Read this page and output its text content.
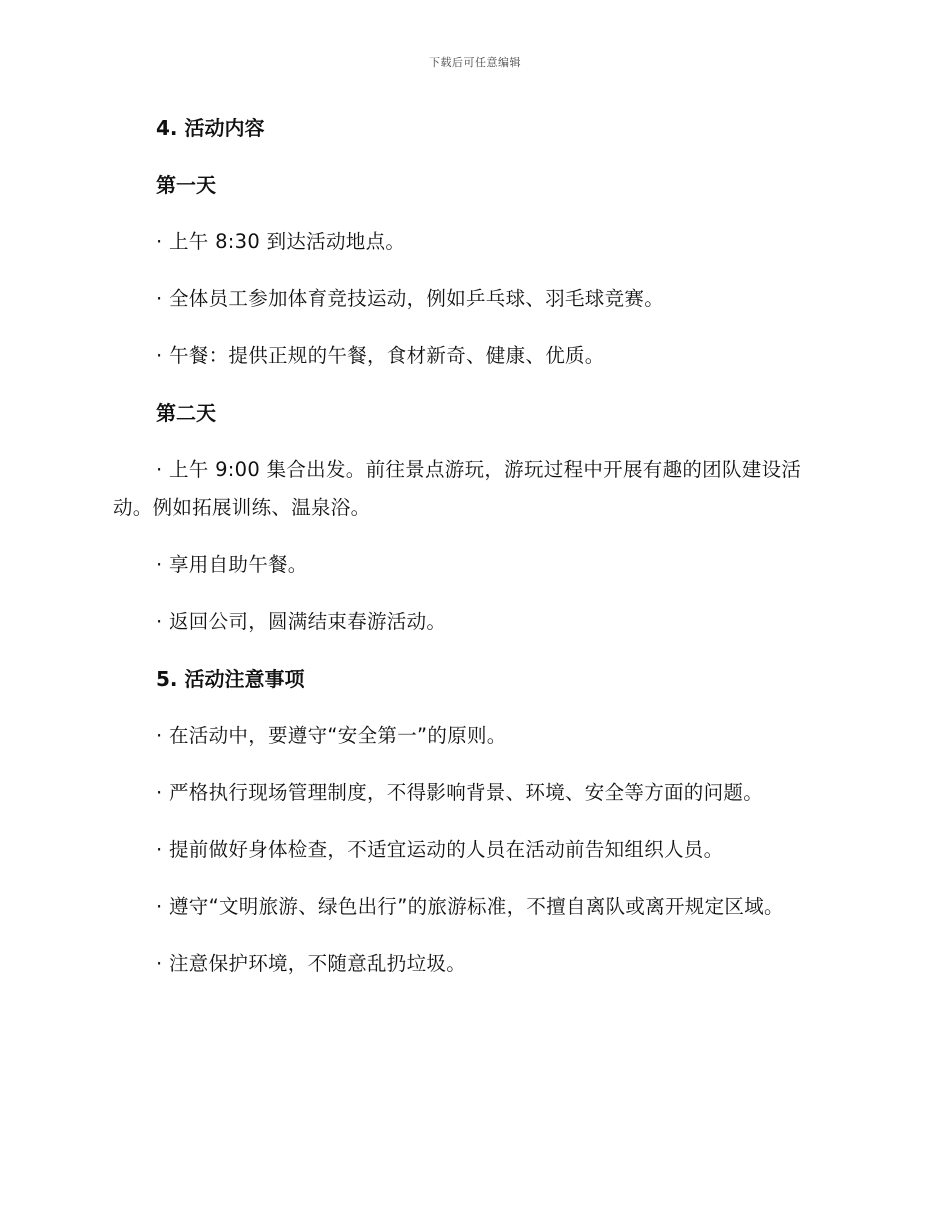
下载后可任意编辑
4. 活动内容
第一天

· 上午 8:30 到达活动地点。

· 全体员工参加体育竞技运动，例如乒乓球、羽毛球竞赛。

· 午餐：提供正规的午餐，食材新奇、健康、优质。

第二天

· 上午 9:00 集合出发。前往景点游玩，游玩过程中开展有趣的团队建设活动。例如拓展训练、温泉浴。

· 享用自助午餐。

· 返回公司，圆满结束春游活动。

5. 活动注意事项

· 在活动中，要遵守“安全第一”的原则。

· 严格执行现场管理制度，不得影响背景、环境、安全等方面的问题。

· 提前做好身体检查，不适宜运动的人员在活动前告知组织人员。

· 遵守“文明旅游、绿色出行”的旅游标准，不擅自离队或离开规定区域。

· 注意保护环境，不随意乱扔垃圾。
